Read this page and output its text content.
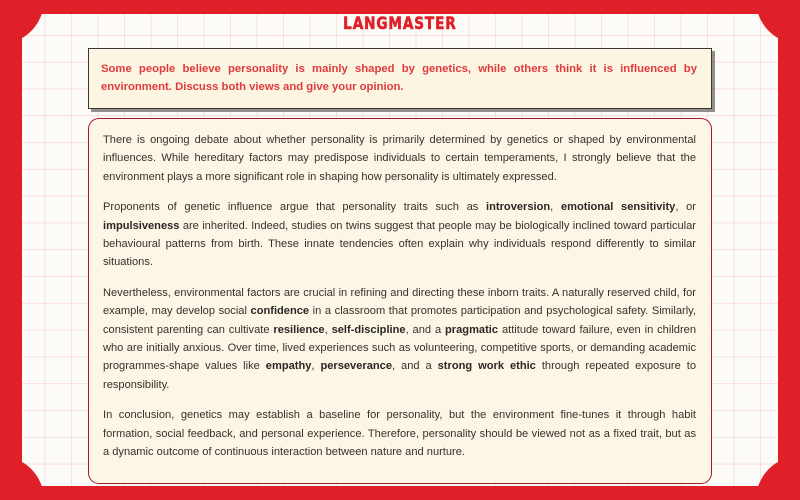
LANGMASTER

Some people believe personality is mainly shaped by genetics, while others think it is influenced by environment. Discuss both views and give your opinion.

There is ongoing debate about whether personality is primarily determined by genetics or shaped by environmental influences. While hereditary factors may predispose individuals to certain temperaments, I strongly believe that the environment plays a more significant role in shaping how personality is ultimately expressed.

Proponents of genetic influence argue that personality traits such as introversion, emotional sensitivity, or impulsiveness are inherited. Indeed, studies on twins suggest that people may be biologically inclined toward particular behavioural patterns from birth. These innate tendencies often explain why individuals respond differently to similar situations.

Nevertheless, environmental factors are crucial in refining and directing these inborn traits. A naturally reserved child, for example, may develop social confidence in a classroom that promotes participation and psychological safety. Similarly, consistent parenting can cultivate resilience, self-discipline, and a pragmatic attitude toward failure, even in children who are initially anxious. Over time, lived experiences such as volunteering, competitive sports, or demanding academic programmes-shape values like empathy, perseverance, and a strong work ethic through repeated exposure to responsibility.

In conclusion, genetics may establish a baseline for personality, but the environment fine-tunes it through habit formation, social feedback, and personal experience. Therefore, personality should be viewed not as a fixed trait, but as a dynamic outcome of continuous interaction between nature and nurture.
